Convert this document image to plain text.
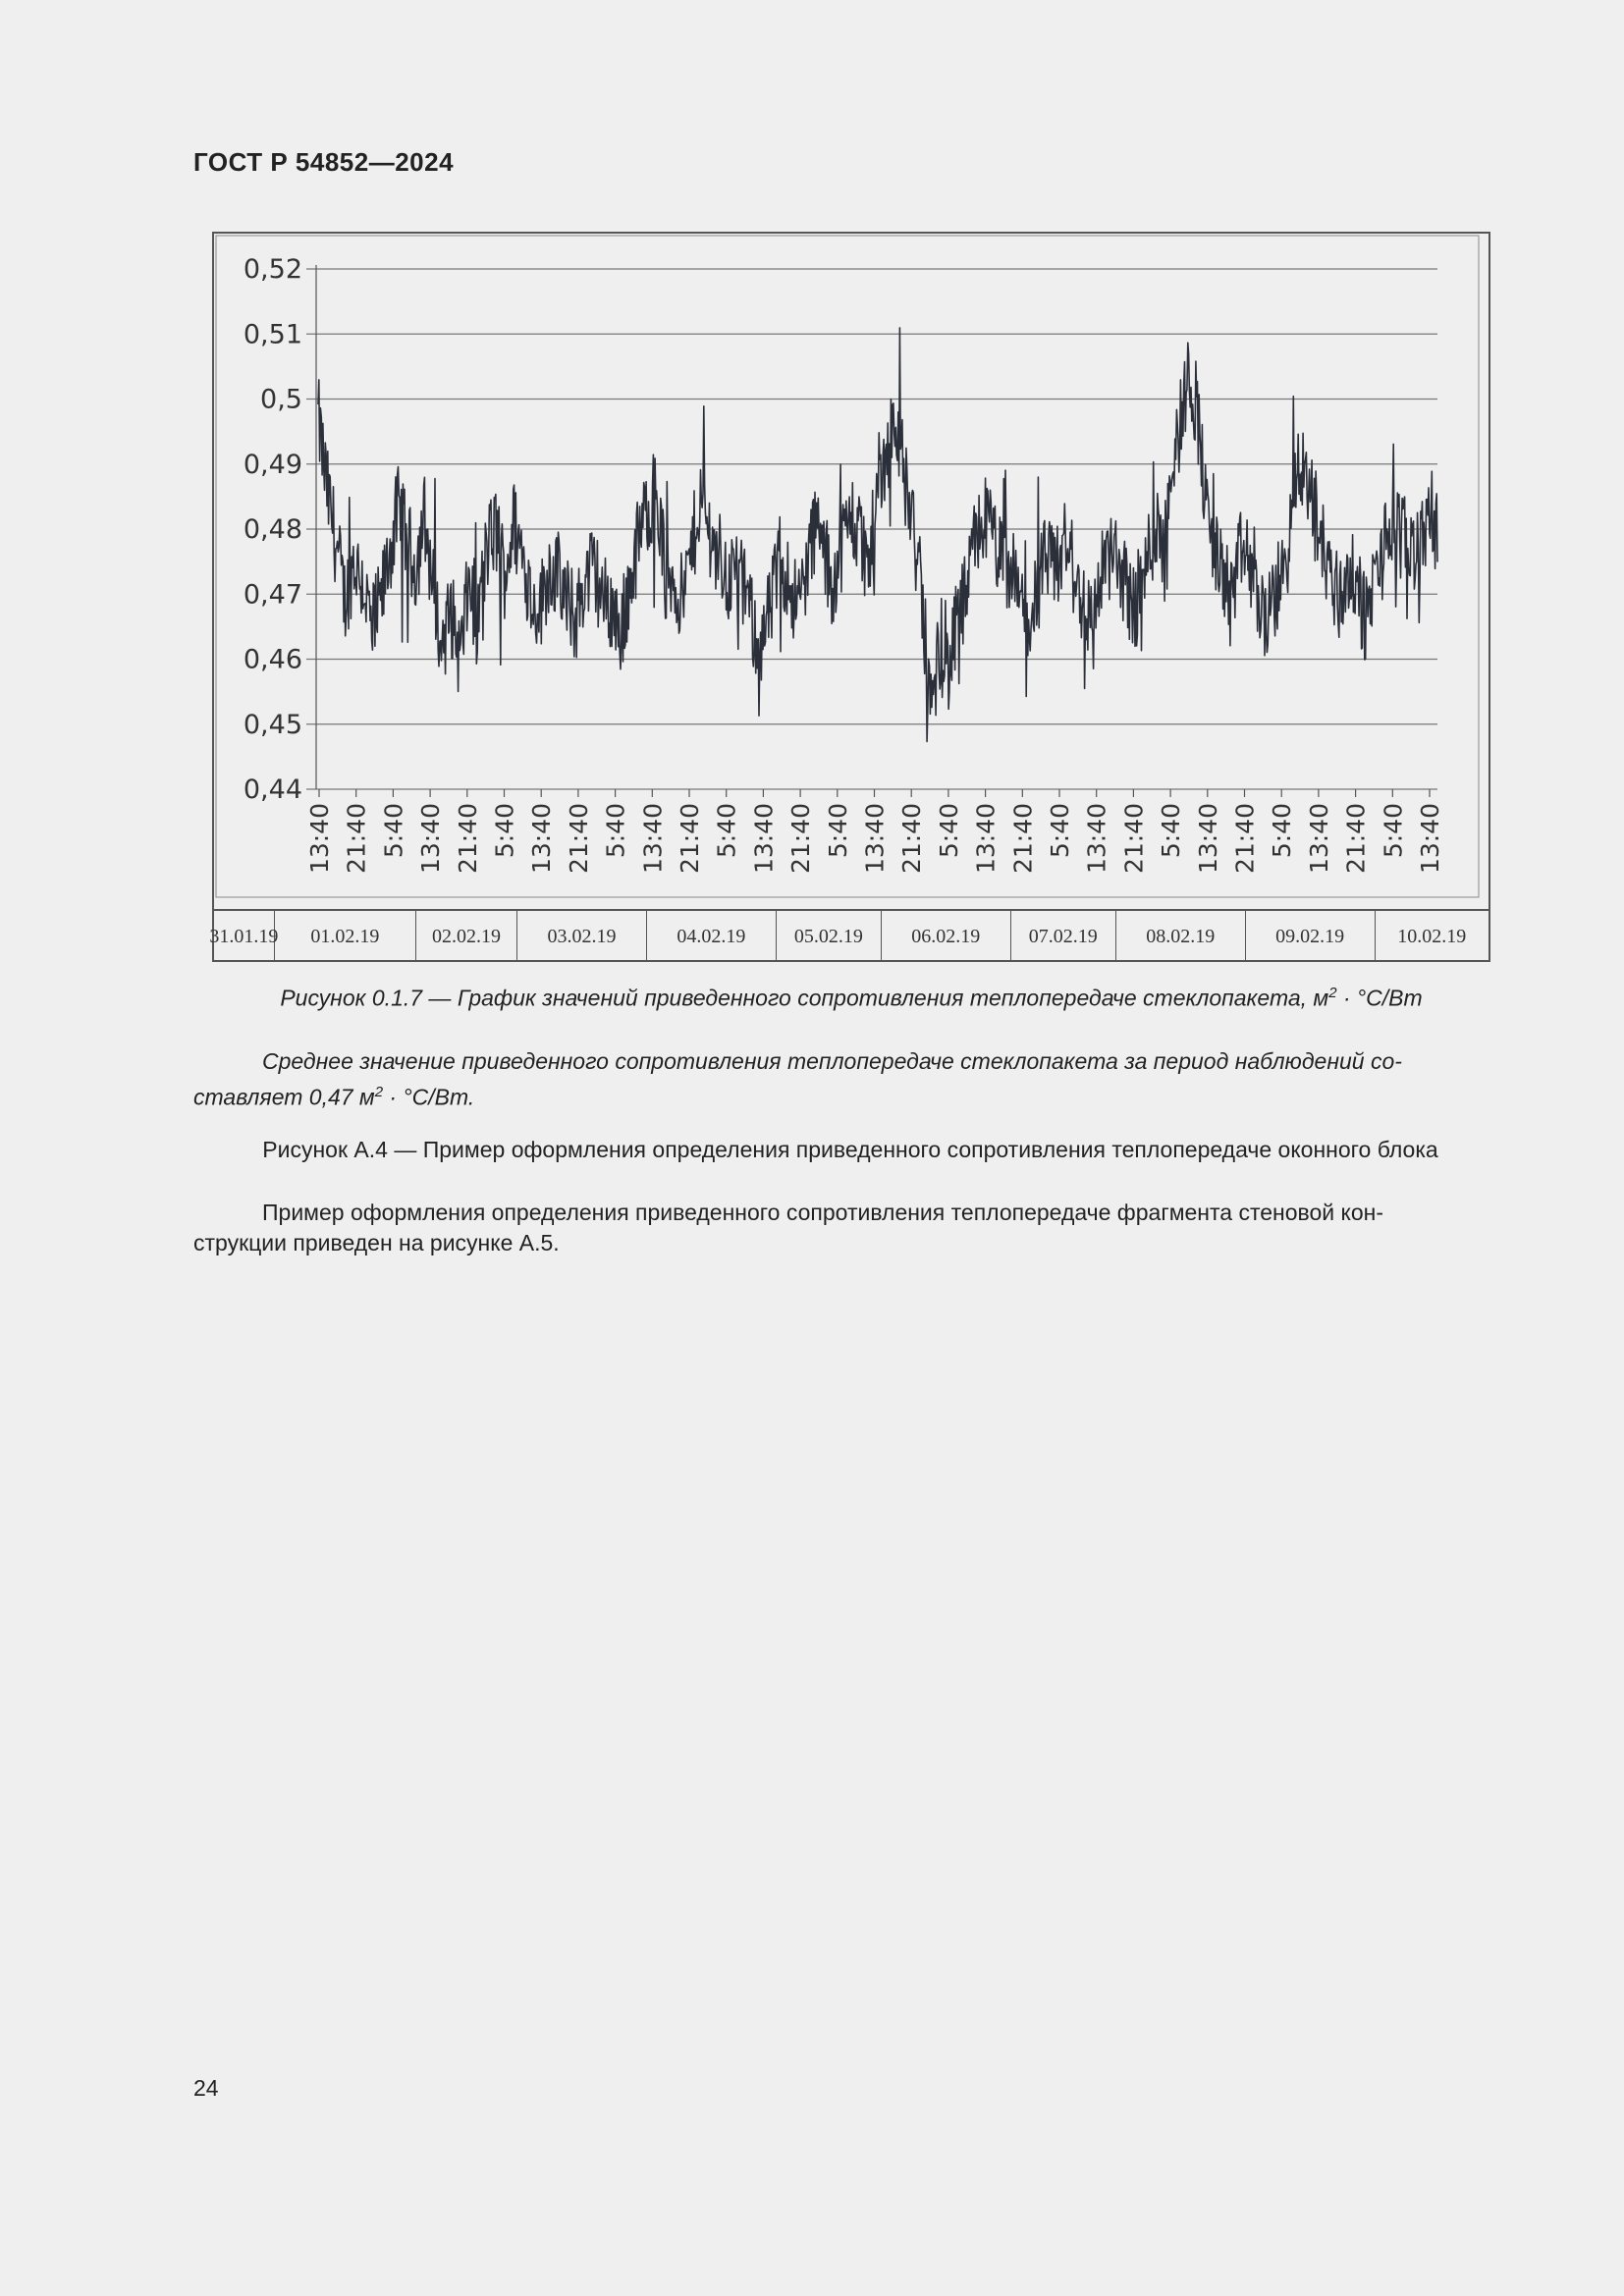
ГОСТ Р 54852—2024
0,52
0,51
0,5
0,49
0,48
0,47
0,46
0,45
0,44
13:40 21:40 5:40 13:40 21:40 5:40 13:40 21:40 5:40 13:40 21:40 5:40 13:40 21:40 5:40 13:40 21:40 5:40 13:40 21:40 5:40 13:40 21:40 5:40 13:40 21:40 5:40 13:40 21:40 5:40 13:40
31.01.19	01.02.19	02.02.19	03.02.19	04.02.19	05.02.19	06.02.19	07.02.19	08.02.19	09.02.19	10.02.19
Рисунок 0.1.7 — График значений приведенного сопротивления теплопередаче стеклопакета, $м^2 \cdot ^\circ С/Вт$
Среднее значение приведенного сопротивления теплопередаче стеклопакета за период наблюдений со-
ставляет 0,47 $м^2 \cdot ^\circ С/Вт$.
Рисунок А.4 — Пример оформления определения приведенного сопротивления теплопередаче оконного блока
Пример оформления определения приведенного сопротивления теплопередаче фрагмента стеновой кон-
струкции приведен на рисунке А.5.
24
